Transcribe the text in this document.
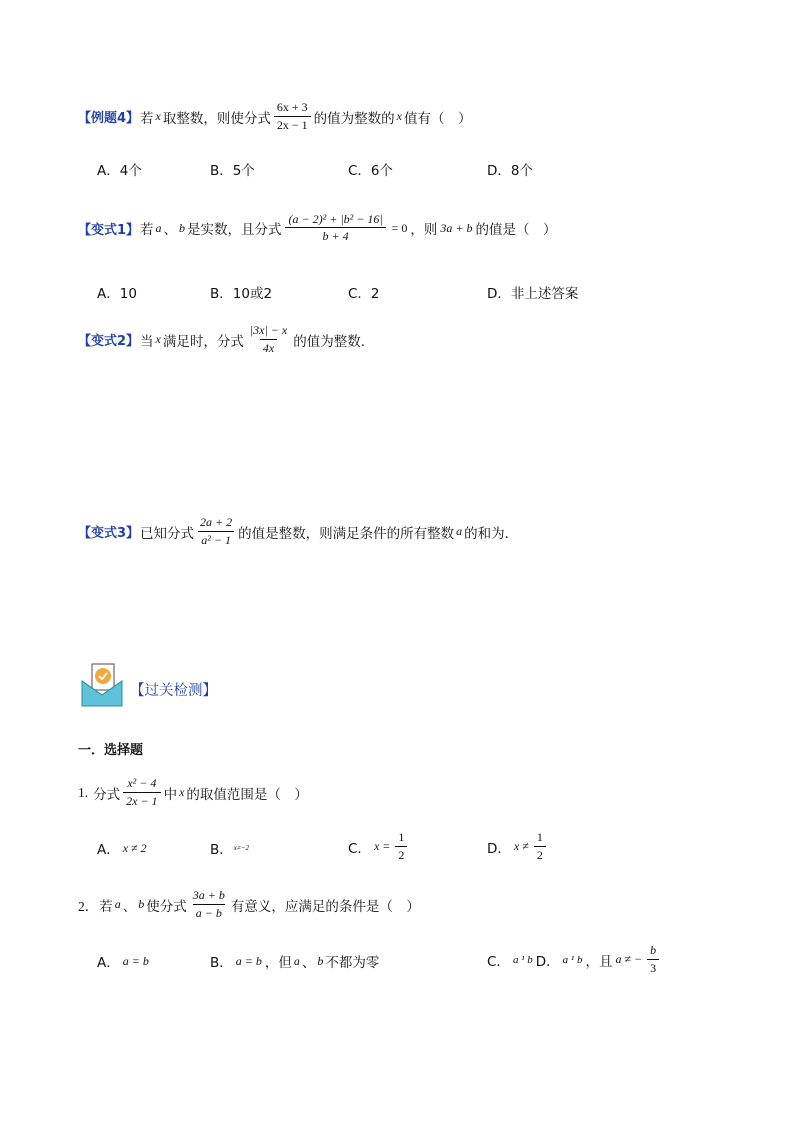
【例题4】 若 x 取整数，则使分式 $\frac{6x + 3}{2x - 1}$ 的值为整数的 x 值有（　）
A．4个	B．5个	C．6个	D．8个
【变式1】 若 a 、 b 是实数，且分式 $\frac{\text{(a − 2)² + |b² − 16|}}{b + 4} = 0$ ，则 3a + b 的值是（　）
A．10	B．10或2	C．2	D．非上述答案
【变式2】 当 x 满足时，分式 $\frac{|3x| - x}{4x}$ 的值为整数.
【变式3】 已知分式 $\frac{2a + 2}{\text{a² − 1}}$ 的值是整数，则满足条件的所有整数 a 的和为.
【过关检测】
一．选择题
1. 分式 $\frac{\text{x² − 4}}{2x - 1}$ 中 x 的取值范围是（　）
A． x ≠ 2	B． x≠−2	C． $x = \frac{1}{2}$	D． $x \ne \frac{1}{2}$
2． 若 a 、 b 使分式 $\frac{3a + b}{a - b}$ 有意义，应满足的条件是（　）
A． a = b	B． a = b ，但 a 、 b 不都为零	C． a ¹ b D． a ¹ b ，且 a ≠ − $\frac{b}{3}$
